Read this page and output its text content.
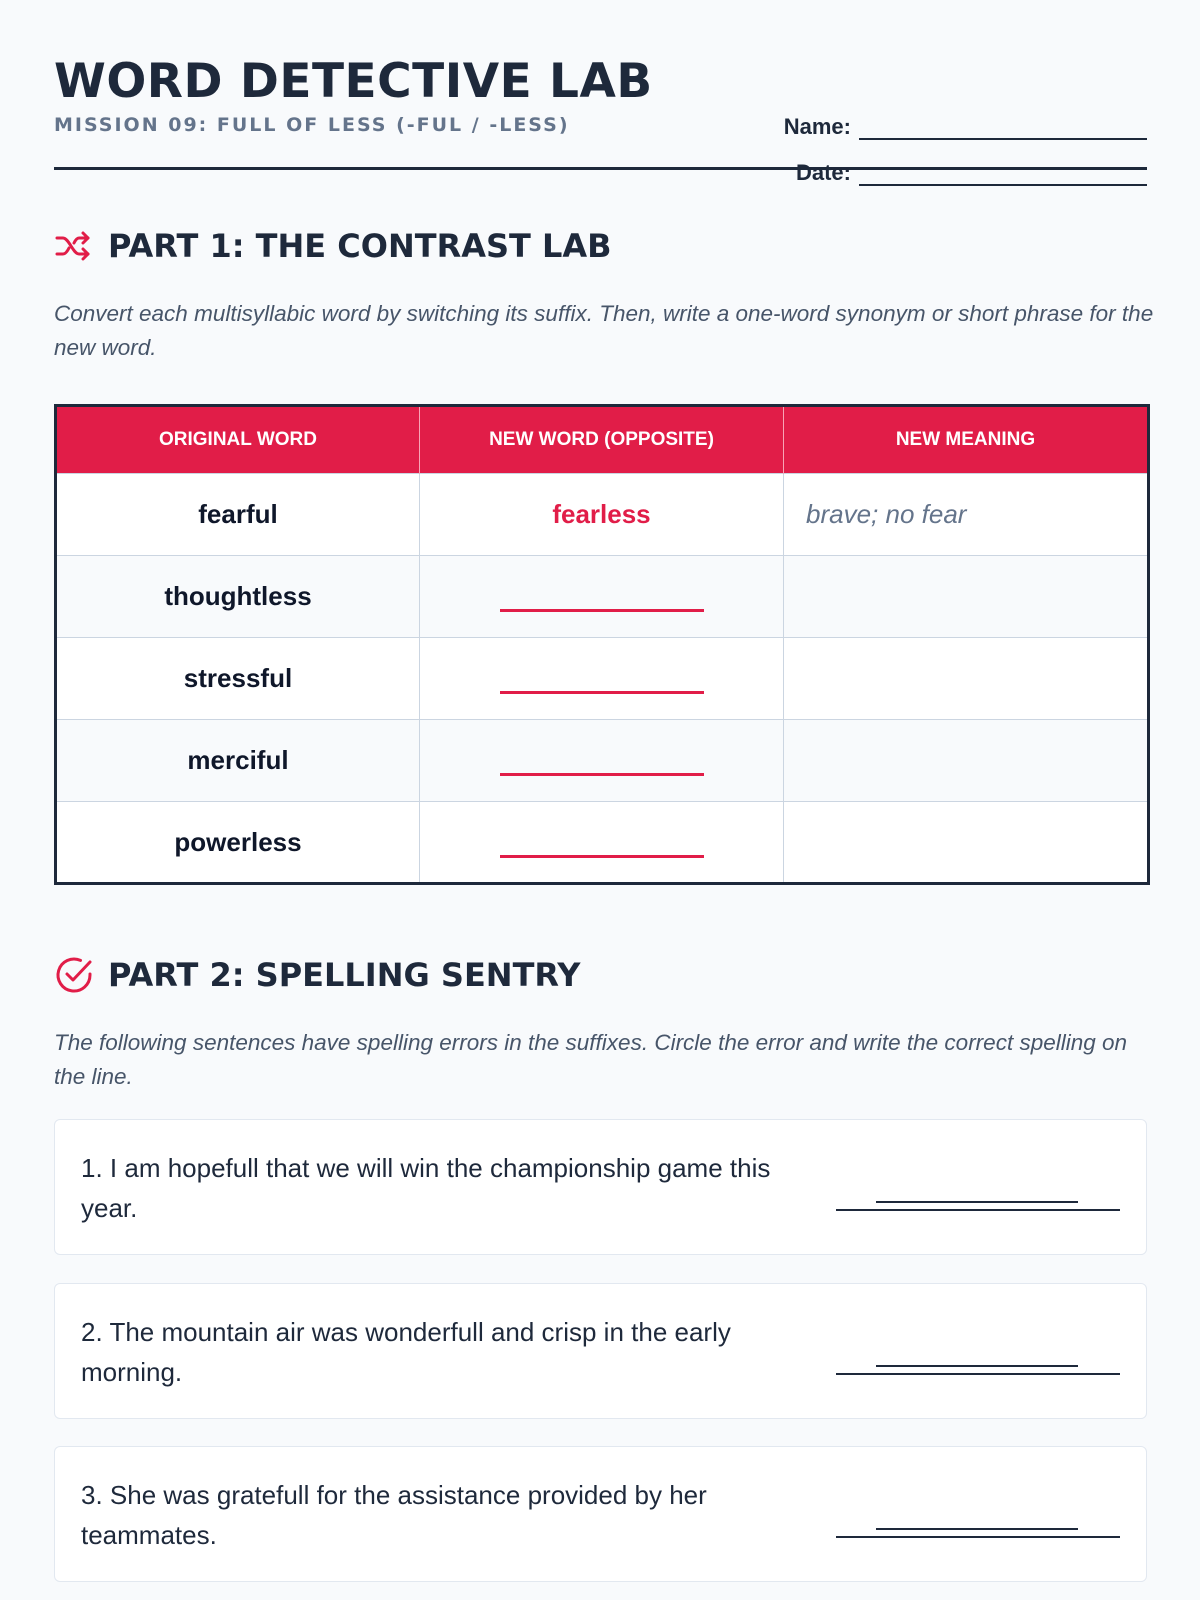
WORD DETECTIVE LAB
MISSION 09: FULL OF LESS (-FUL / -LESS)	Name:
Date:
PART 1: THE CONTRAST LAB

Convert each multisyllabic word by switching its suffix. Then, write a one-word synonym or short phrase for the new word.

ORIGINAL WORD	NEW WORD (OPPOSITE)	NEW MEANING
fearful	fearless	brave; no fear
thoughtless		
stressful		
merciful		
powerless		
PART 2: SPELLING SENTRY

The following sentences have spelling errors in the suffixes. Circle the error and write the correct spelling on the line.

1. I am hopefull that we will win the championship game this year.
2. The mountain air was wonderfull and crisp in the early morning.
3. She was gratefull for the assistance provided by her teammates.
